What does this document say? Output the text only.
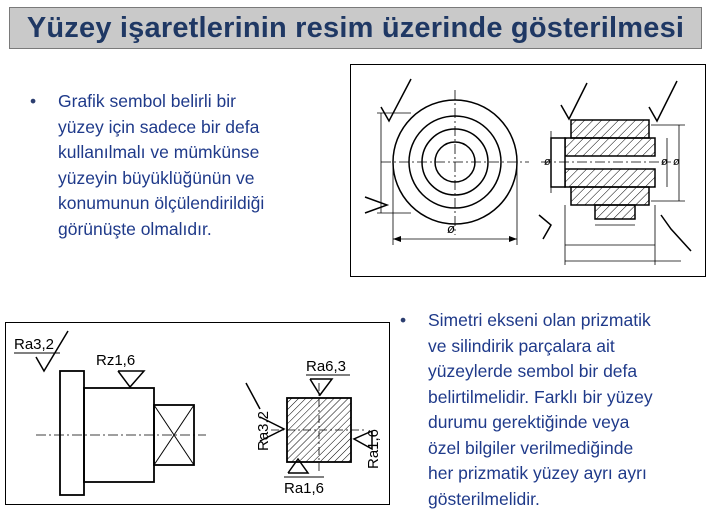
Yüzey işaretlerinin resim üzerinde gösterilmesi
•	Grafik sembol belirli bir
yüzey için sadece bir defa
kullanılmalı ve mümkünse
yüzeyin büyüklüğünün ve
konumunun ölçülendirildiği
görünüşte olmalıdır.
•	Simetri ekseni olan prizmatik
ve silindirik parçalara ait
yüzeylerde sembol bir defa
belirtilmelidir. Farklı bir yüzey
durumu gerektiğinde veya
özel bilgiler verilmediğinde
her prizmatik yüzey ayrı ayrı
gösterilmelidir.
ø
ø	ø ø
Ra3,2
Rz1,6	Ra6,3
Ra3,2	Ra1,6
Ra1,6
